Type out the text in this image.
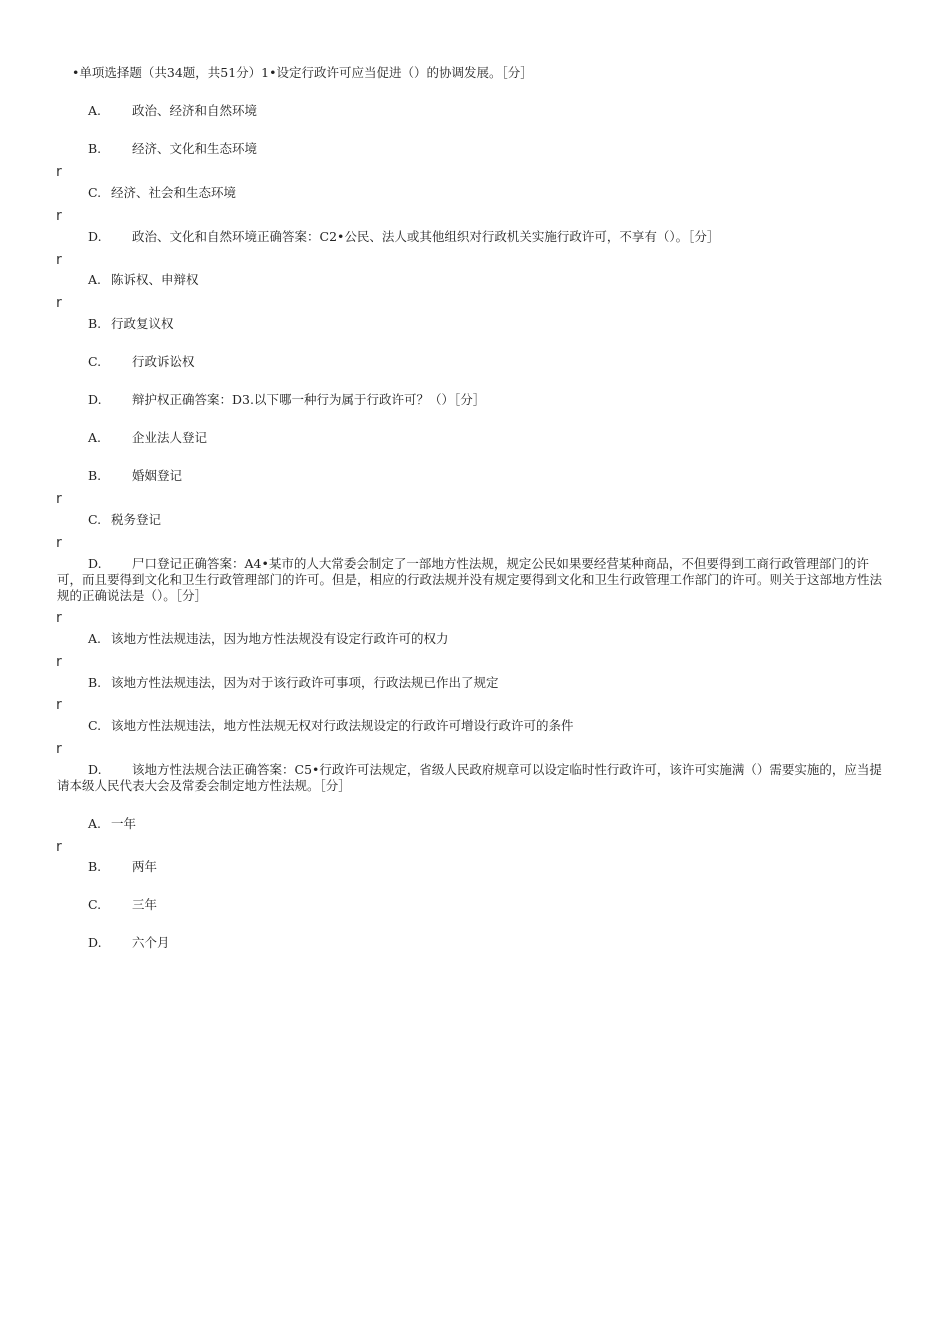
•单项选择题（共34题，共51分）1•设定行政许可应当促进（）的协调发展。［分］
A. 政治、经济和自然环境
B. 经济、文化和生态环境
r
C. 经济、社会和生态环境
r
D. 政治、文化和自然环境正确答案：C2•公民、法人或其他组织对行政机关实施行政许可，不享有（）。［分］
r
A. 陈诉权、申辩权
r
B. 行政复议权
C. 行政诉讼权
D. 辩护权正确答案：D3.以下哪一种行为属于行政许可？（）［分］
A. 企业法人登记
B. 婚姻登记
r
C. 税务登记
r
D. 尸口登记正确答案：A4•某市的人大常委会制定了一部地方性法规，规定公民如果要经营某种商品，不但要得到工商行政管理部门的许可，而且要得到文化和卫生行政管理部门的许可。但是，相应的行政法规并没有规定要得到文化和卫生行政管理工作部门的许可。则关于这部地方性法规的正确说法是（）。［分］
r
A. 该地方性法规违法，因为地方性法规没有设定行政许可的权力
r
B. 该地方性法规违法，因为对于该行政许可事项，行政法规已作出了规定
r
C. 该地方性法规违法，地方性法规无权对行政法规设定的行政许可增设行政许可的条件
r
D. 该地方性法规合法正确答案：C5•行政许可法规定，省级人民政府规章可以设定临时性行政许可，该许可实施满（）需要实施的，应当提请本级人民代表大会及常委会制定地方性法规。［分］
A. 一年
r
B. 两年
C. 三年
D. 六个月
